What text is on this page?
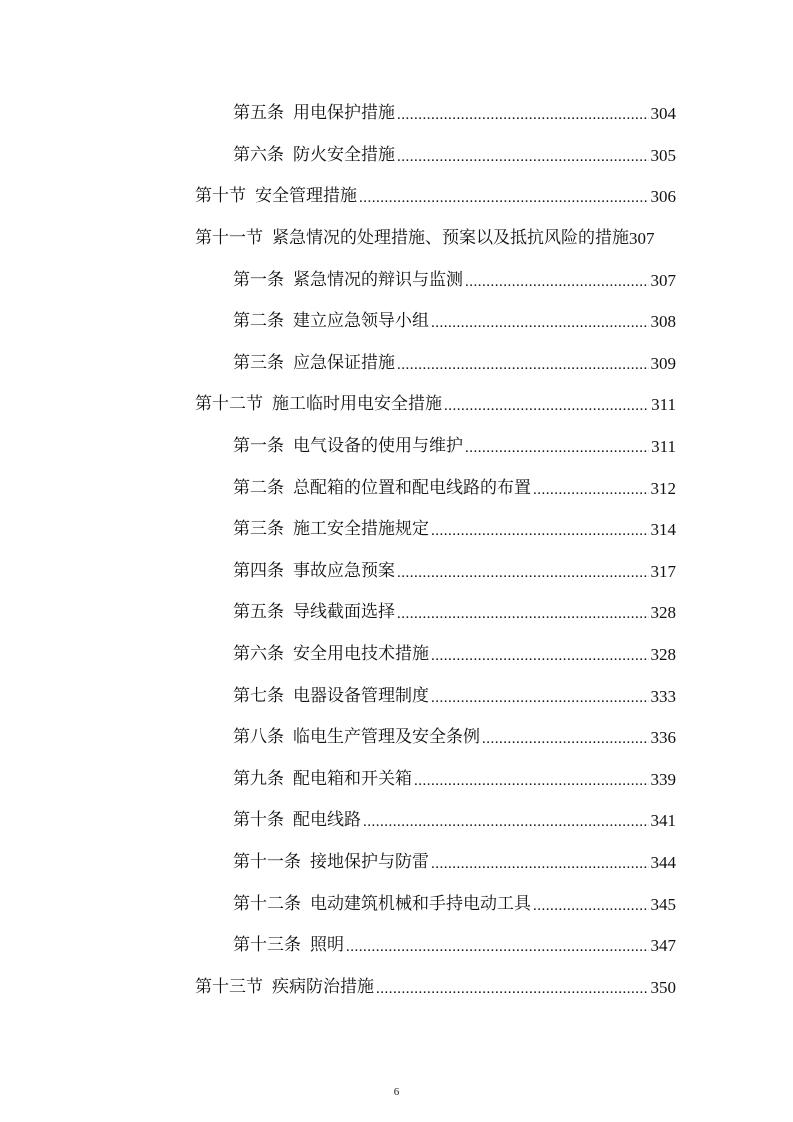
第五条 用电保护措施 .....	304
第六条 防火安全措施 .....	305
第十节 安全管理措施 .....	306
第十一节 紧急情况的处理措施、预案以及抵抗风险的措施 307
第一条 紧急情况的辩识与监测 .....	307
第二条 建立应急领导小组 .....	308
第三条 应急保证措施 .....	309
第十二节 施工临时用电安全措施 .....	311
第一条 电气设备的使用与维护 .....	311
第二条 总配箱的位置和配电线路的布置 .....	312
第三条 施工安全措施规定 .....	314
第四条 事故应急预案 .....	317
第五条 导线截面选择 .....	328
第六条 安全用电技术措施 .....	328
第七条 电器设备管理制度 .....	333
第八条 临电生产管理及安全条例 .....	336
第九条 配电箱和开关箱 .....	339
第十条 配电线路 .....	341
第十一条 接地保护与防雷 .....	344
第十二条 电动建筑机械和手持电动工具 .....	345
第十三条 照明 .....	347
第十三节 疾病防治措施 .....	350
6
